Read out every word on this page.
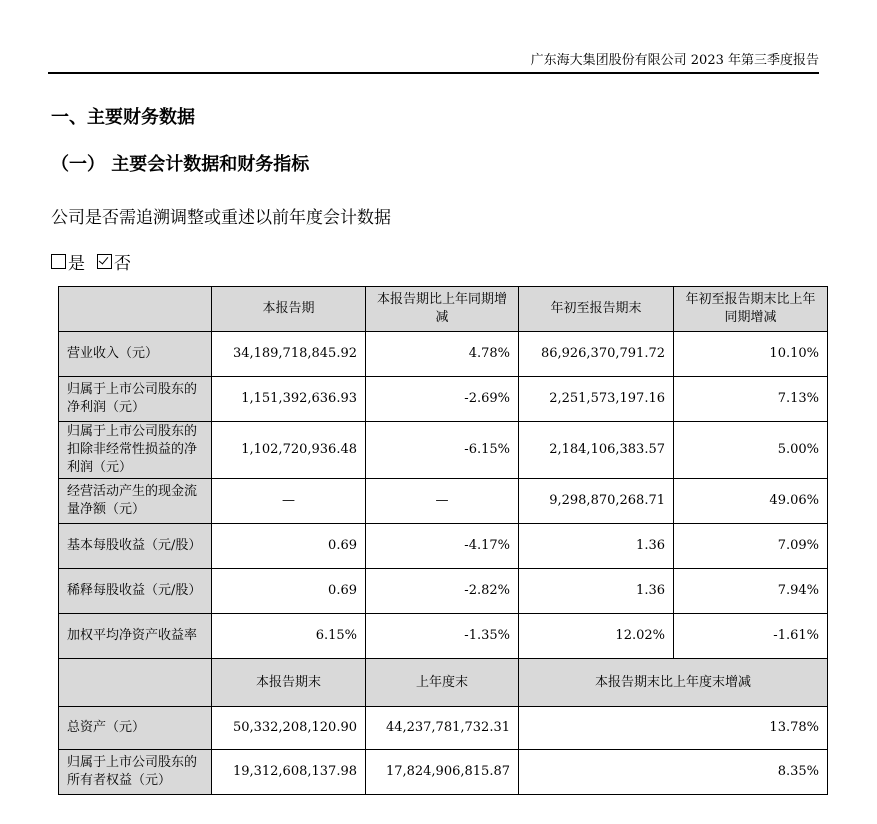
广东海大集团股份有限公司 2023 年第三季度报告
一、主要财务数据
（一） 主要会计数据和财务指标
公司是否需追溯调整或重述以前年度会计数据
是 否
	本报告期	本报告期比上年同期增减	年初至报告期末	年初至报告期末比上年同期增减
营业收入（元）	34,189,718,845.92	4.78%	86,926,370,791.72	10.10%
归属于上市公司股东的净利润（元）	1,151,392,636.93	-2.69%	2,251,573,197.16	7.13%
归属于上市公司股东的扣除非经常性损益的净利润（元）	1,102,720,936.48	-6.15%	2,184,106,383.57	5.00%
经营活动产生的现金流量净额（元）	—	—	9,298,870,268.71	49.06%
基本每股收益（元/股）	0.69	-4.17%	1.36	7.09%
稀释每股收益（元/股）	0.69	-2.82%	1.36	7.94%
加权平均净资产收益率	6.15%	-1.35%	12.02%	-1.61%
	本报告期末	上年度末	本报告期末比上年度末增减	
总资产（元）	50,332,208,120.90	44,237,781,732.31	13.78%	
归属于上市公司股东的所有者权益（元）	19,312,608,137.98	17,824,906,815.87	8.35%	
